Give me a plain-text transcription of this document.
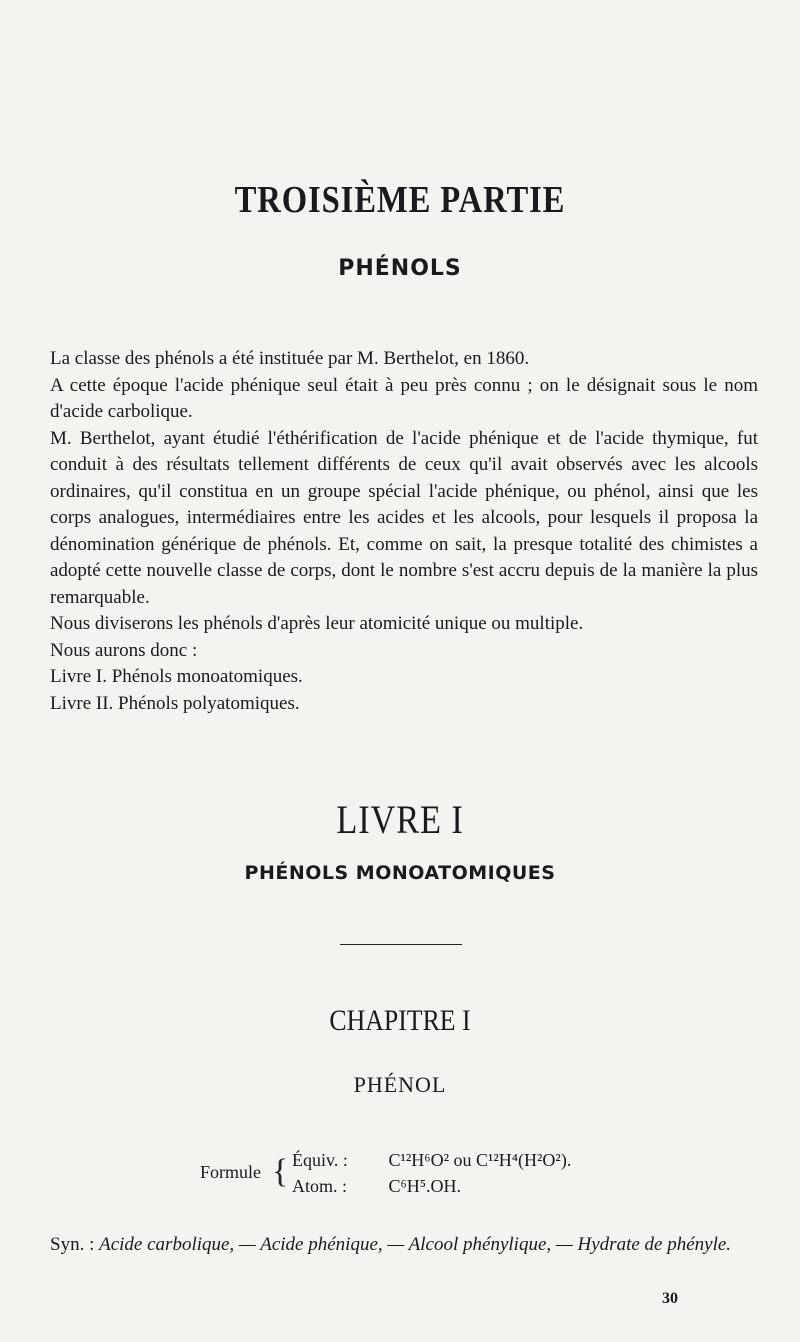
TROISIÈME PARTIE
PHÉNOLS

La classe des phénols a été instituée par M. Berthelot, en 1860.

A cette époque l'acide phénique seul était à peu près connu ; on le désignait sous le nom d'acide carbolique.

M. Berthelot, ayant étudié l'éthérification de l'acide phénique et de l'acide thymique, fut conduit à des résultats tellement différents de ceux qu'il avait observés avec les alcools ordinaires, qu'il constitua en un groupe spécial l'acide phénique, ou phénol, ainsi que les corps analogues, intermédiaires entre les acides et les alcools, pour lesquels il proposa la dénomination générique de phénols. Et, comme on sait, la presque totalité des chimistes a adopté cette nouvelle classe de corps, dont le nombre s'est accru depuis de la manière la plus remarquable.

Nous diviserons les phénols d'après leur atomicité unique ou multiple.

Nous aurons donc :

Livre I. Phénols monoatomiques.

Livre II. Phénols polyatomiques.

LIVRE I
PHÉNOLS MONOATOMIQUES
CHAPITRE I
PHÉNOL
Formule { Équiv. : C¹²H⁶O² ou C¹²H⁴(H²O²).
Atom. : C⁶H⁵.OH.
Syn. : Acide carbolique, — Acide phénique, — Alcool phénylique, — Hydrate de phényle.
30
